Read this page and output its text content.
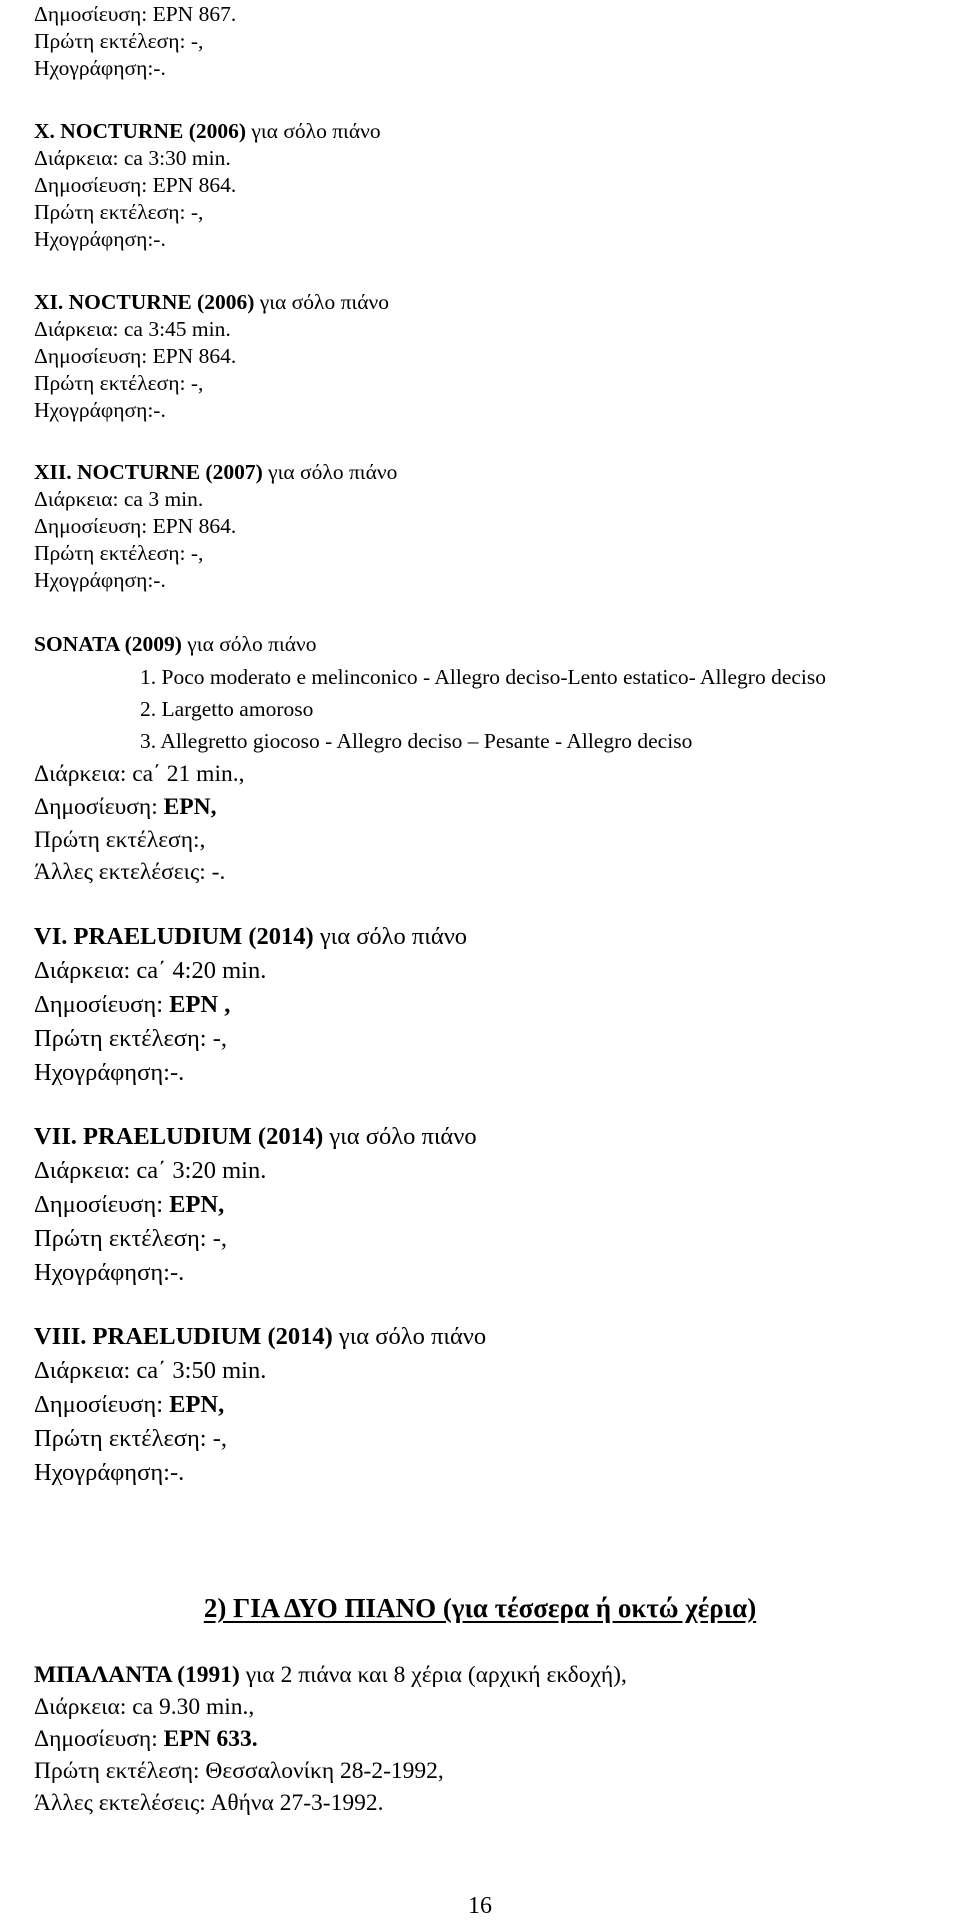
Δημοσίευση: ΕΡΝ 867.
Πρώτη εκτέλεση: -,
Ηχογράφηση:-.
X. NOCTURNE (2006) για σόλο πιάνο
Διάρκεια: ca 3:30 min.
Δημοσίευση: ΕΡΝ 864.
Πρώτη εκτέλεση: -,
Ηχογράφηση:-.
XI. NOCTURNE (2006) για σόλο πιάνο
Διάρκεια: ca 3:45 min.
Δημοσίευση: ΕΡΝ 864.
Πρώτη εκτέλεση: -,
Ηχογράφηση:-.
XII. NOCTURNE (2007) για σόλο πιάνο
Διάρκεια: ca 3 min.
Δημοσίευση: ΕΡΝ 864.
Πρώτη εκτέλεση: -,
Ηχογράφηση:-.
SONATA (2009) για σόλο πιάνο
1. Poco moderato e melinconico - Allegro deciso-Lento estatico- Allegro deciso
2. Largetto amoroso
3. Allegretto giocoso - Allegro deciso – Pesante - Allegro deciso
Διάρκεια: ca΄ 21 min.,
Δημοσίευση: EPN,
Πρώτη εκτέλεση:,
Άλλες εκτελέσεις: -.
VI. PRAELUDIUM (2014) για σόλο πιάνο
Διάρκεια: ca΄ 4:20 min.
Δημοσίευση: EPN ,
Πρώτη εκτέλεση: -,
Ηχογράφηση:-.
VII. PRAELUDIUM (2014) για σόλο πιάνο
Διάρκεια: ca΄ 3:20 min.
Δημοσίευση: EPN,
Πρώτη εκτέλεση: -,
Ηχογράφηση:-.
VIII. PRAELUDIUM (2014) για σόλο πιάνο
Διάρκεια: ca΄ 3:50 min.
Δημοσίευση: EPN,
Πρώτη εκτέλεση: -,
Ηχογράφηση:-.
2) ΓΙΑ ΔΥΟ ΠΙΑΝΟ (για τέσσερα ή οκτώ χέρια)
ΜΠΑΛΑΝΤΑ (1991) για 2 πιάνα και 8 χέρια (αρχική εκδοχή),
Διάρκεια: ca 9.30 min.,
Δημοσίευση: EPN 633.
Πρώτη εκτέλεση: Θεσσαλονίκη 28-2-1992,
Άλλες εκτελέσεις: Αθήνα 27-3-1992.
16
